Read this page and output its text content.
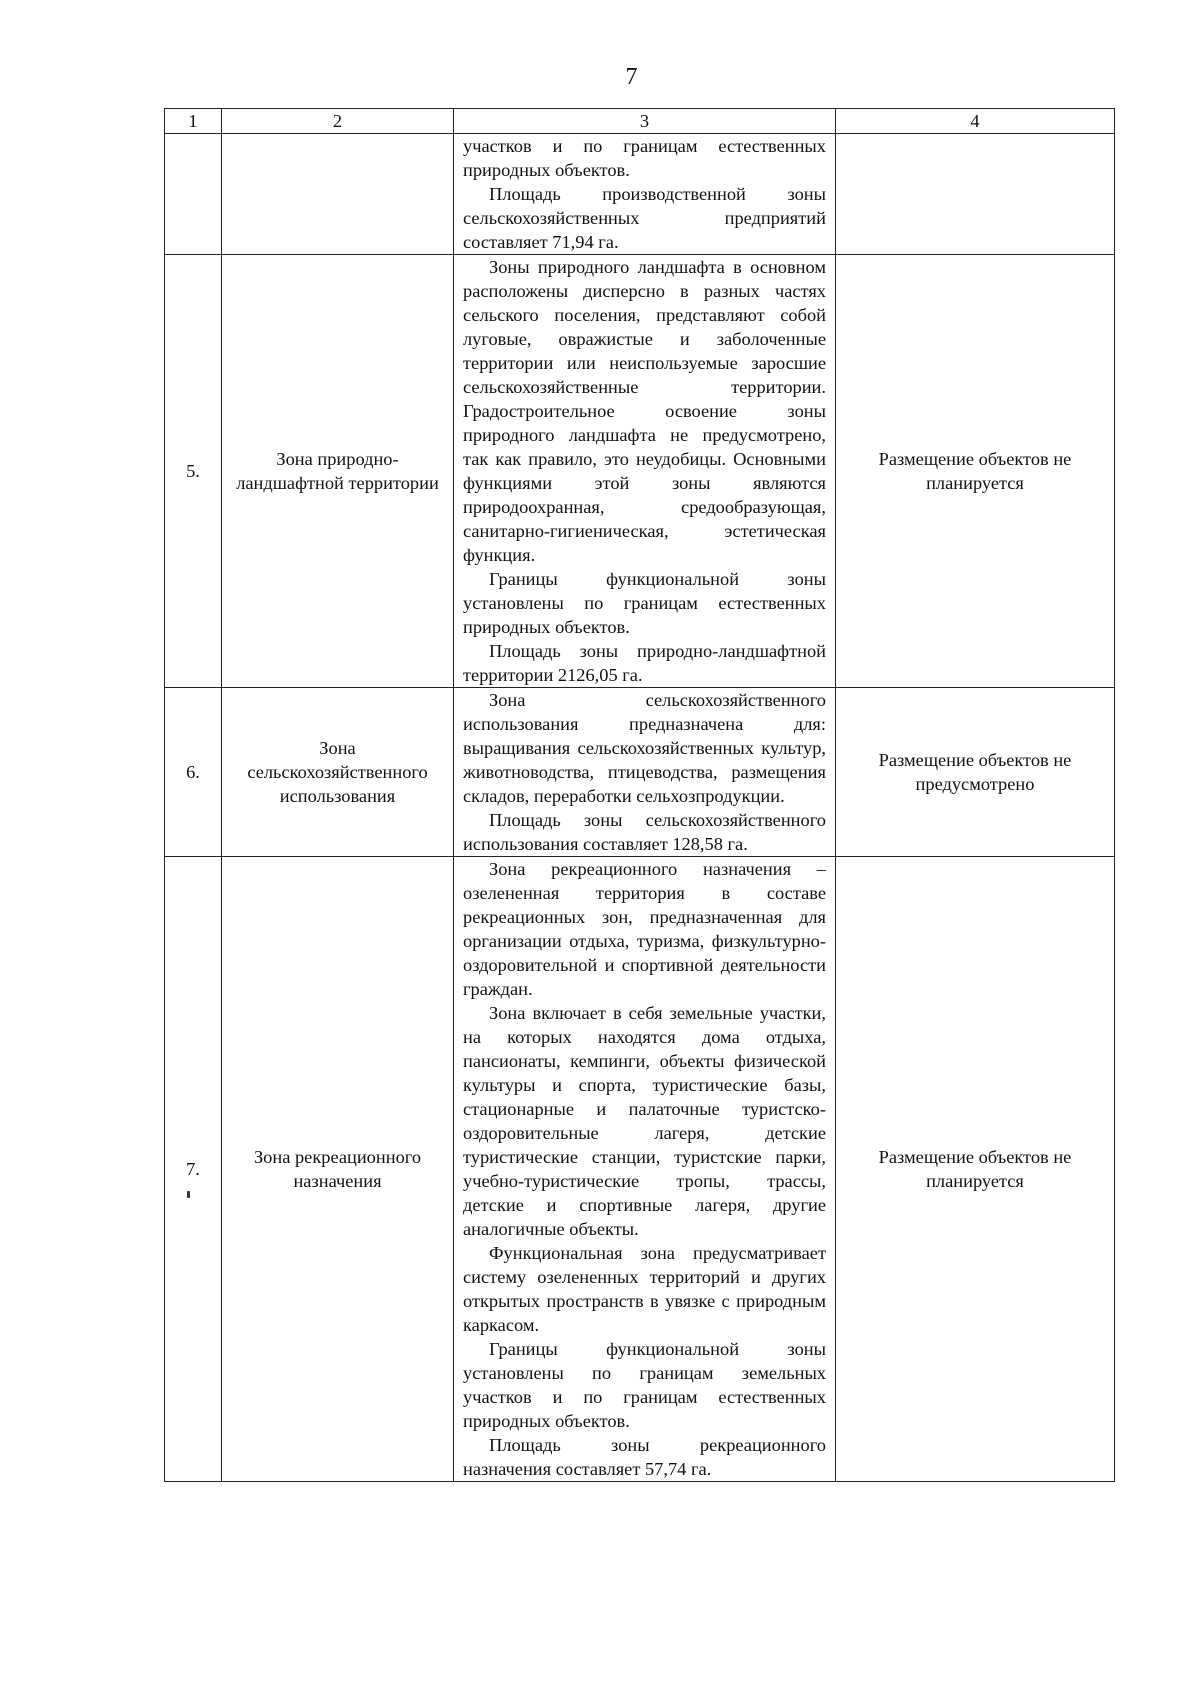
7
1	2	3	4

		участков и по границам естественных природных объектов.

Площадь производственной зоны сельскохозяйственных предприятий составляет 71,94 га.	

5.	Зона природно-ландшафтной территории	Зоны природного ландшафта в основном расположены дисперсно в разных частях сельского поселения, представляют собой луговые, овражистые и заболоченные территории или неиспользуемые заросшие сельскохозяйственные территории. Градостроительное освоение зоны природного ландшафта не предусмотрено, так как правило, это неудобицы. Основными функциями этой зоны являются природоохранная, средообразующая, санитарно-гигиеническая, эстетическая функция.

Границы функциональной зоны установлены по границам естественных природных объектов.

Площадь зоны природно-ландшафтной территории 2126,05 га.	Размещение объектов не планируется
6.	Зона сельскохозяйственного использования	Зона сельскохозяйственного использования предназначена для: выращивания сельскохозяйственных культур, животноводства, птицеводства, размещения складов, переработки сельхозпродукции.

Площадь зоны сельскохозяйственного использования составляет 128,58 га.	Размещение объектов не предусмотрено
7.	Зона рекреационного назначения	Зона рекреационного назначения – озелененная территория в составе рекреационных зон, предназначенная для организации отдыха, туризма, физкультурно-оздоровительной и спортивной деятельности граждан.

Зона включает в себя земельные участки, на которых находятся дома отдыха, пансионаты, кемпинги, объекты физической культуры и спорта, туристические базы, стационарные и палаточные туристско-оздоровительные лагеря, детские туристические станции, туристские парки, учебно-туристические тропы, трассы, детские и спортивные лагеря, другие аналогичные объекты.

Функциональная зона предусматривает систему озелененных территорий и других открытых пространств в увязке с природным каркасом.

Границы функциональной зоны установлены по границам земельных участков и по границам естественных природных объектов.

Площадь зоны рекреационного назначения составляет 57,74 га.	Размещение объектов не планируется
